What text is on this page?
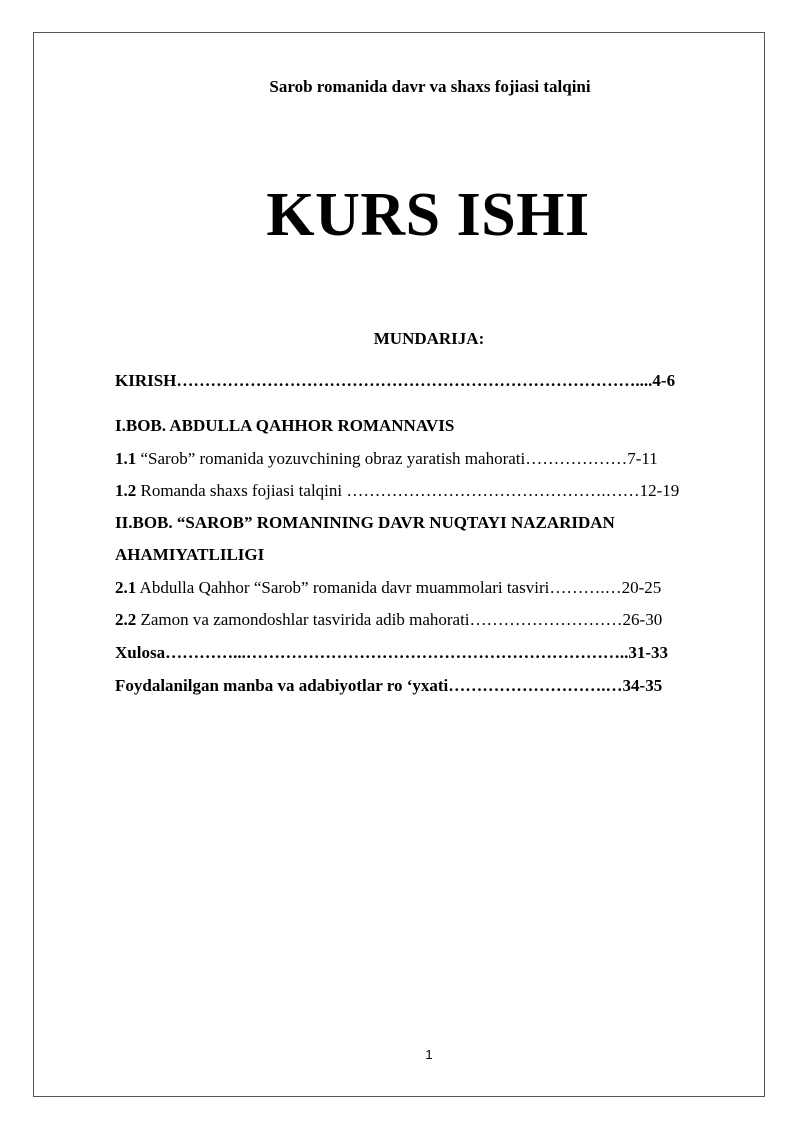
Sarob romanida davr va shaxs fojiasi talqini
KURS ISHI
MUNDARIJA:
KIRISH………………………………………………………………………....4-6
I.BOB. ABDULLA QAHHOR ROMANNAVIS
1.1 “Sarob” romanida yozuvchining obraz yaratish mahorati………………7-11
1.2 Romanda shaxs fojiasi talqini ……………………………………….……12-19
II.BOB. “SAROB” ROMANINING DAVR NUQTAYI NAZARIDAN
AHAMIYATLILIGI
2.1 Abdulla Qahhor “Sarob” romanida davr muammolari tasviri……….…20-25
2.2 Zamon va zamondoshlar tasvirida adib mahorati………………………26-30
Xulosa…………...…………………………………………………………..31-33
Foydalanilgan manba va adabiyotlar ro ‘yxati……………………….…34-35
1
